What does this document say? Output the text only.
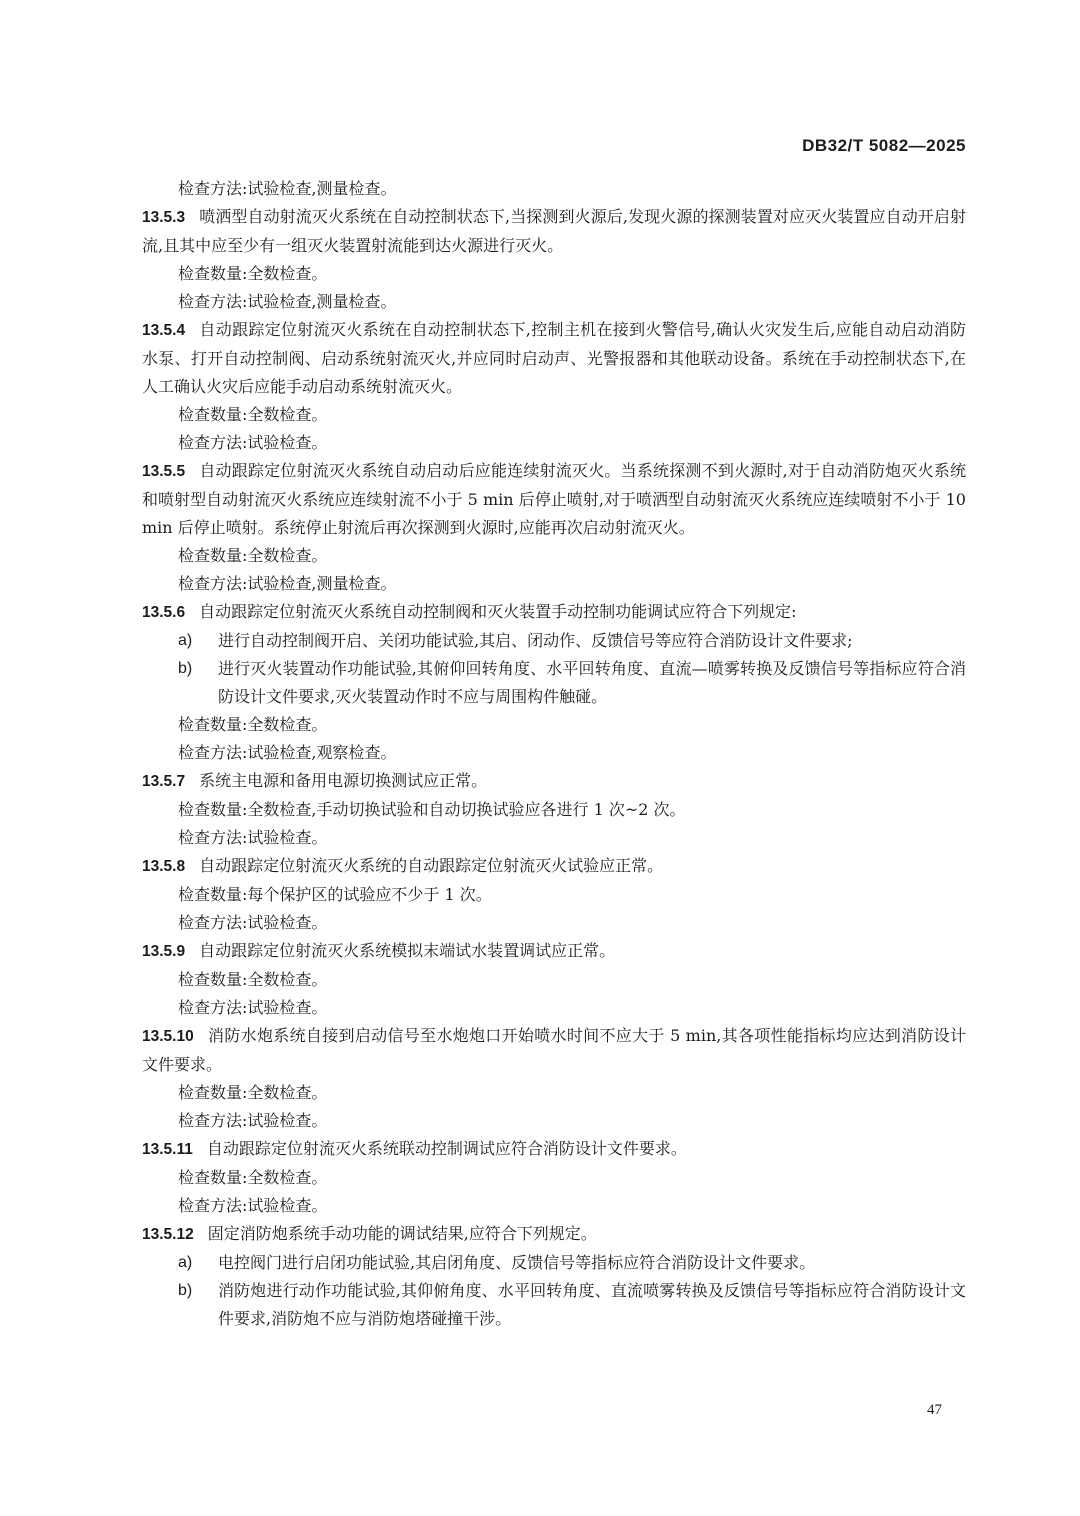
DB32/T 5082—2025

检查方法:试验检查,测量检查。

13.5.3 喷洒型自动射流灭火系统在自动控制状态下,当探测到火源后,发现火源的探测装置对应灭火装置应自动开启射流,且其中应至少有一组灭火装置射流能到达火源进行灭火。

检查数量:全数检查。

检查方法:试验检查,测量检查。

13.5.4 自动跟踪定位射流灭火系统在自动控制状态下,控制主机在接到火警信号,确认火灾发生后,应能自动启动消防水泵、打开自动控制阀、启动系统射流灭火,并应同时启动声、光警报器和其他联动设备。系统在手动控制状态下,在人工确认火灾后应能手动启动系统射流灭火。

检查数量:全数检查。

检查方法:试验检查。

13.5.5 自动跟踪定位射流灭火系统自动启动后应能连续射流灭火。当系统探测不到火源时,对于自动消防炮灭火系统和喷射型自动射流灭火系统应连续射流不小于 5 min 后停止喷射,对于喷洒型自动射流灭火系统应连续喷射不小于 10 min 后停止喷射。系统停止射流后再次探测到火源时,应能再次启动射流灭火。

检查数量:全数检查。

检查方法:试验检查,测量检查。

13.5.6 自动跟踪定位射流灭火系统自动控制阀和灭火装置手动控制功能调试应符合下列规定:

a)	进行自动控制阀开启、关闭功能试验,其启、闭动作、反馈信号等应符合消防设计文件要求;
b)	进行灭火装置动作功能试验,其俯仰回转角度、水平回转角度、直流—喷雾转换及反馈信号等指标应符合消防设计文件要求,灭火装置动作时不应与周围构件触碰。

检查数量:全数检查。

检查方法:试验检查,观察检查。

13.5.7 系统主电源和备用电源切换测试应正常。

检查数量:全数检查,手动切换试验和自动切换试验应各进行 1 次~2 次。

检查方法:试验检查。

13.5.8 自动跟踪定位射流灭火系统的自动跟踪定位射流灭火试验应正常。

检查数量:每个保护区的试验应不少于 1 次。

检查方法:试验检查。

13.5.9 自动跟踪定位射流灭火系统模拟末端试水装置调试应正常。

检查数量:全数检查。

检查方法:试验检查。

13.5.10 消防水炮系统自接到启动信号至水炮炮口开始喷水时间不应大于 5 min,其各项性能指标均应达到消防设计文件要求。

检查数量:全数检查。

检查方法:试验检查。

13.5.11 自动跟踪定位射流灭火系统联动控制调试应符合消防设计文件要求。

检查数量:全数检查。

检查方法:试验检查。

13.5.12 固定消防炮系统手动功能的调试结果,应符合下列规定。

a)	电控阀门进行启闭功能试验,其启闭角度、反馈信号等指标应符合消防设计文件要求。
b)	消防炮进行动作功能试验,其仰俯角度、水平回转角度、直流喷雾转换及反馈信号等指标应符合消防设计文件要求,消防炮不应与消防炮塔碰撞干涉。
47
